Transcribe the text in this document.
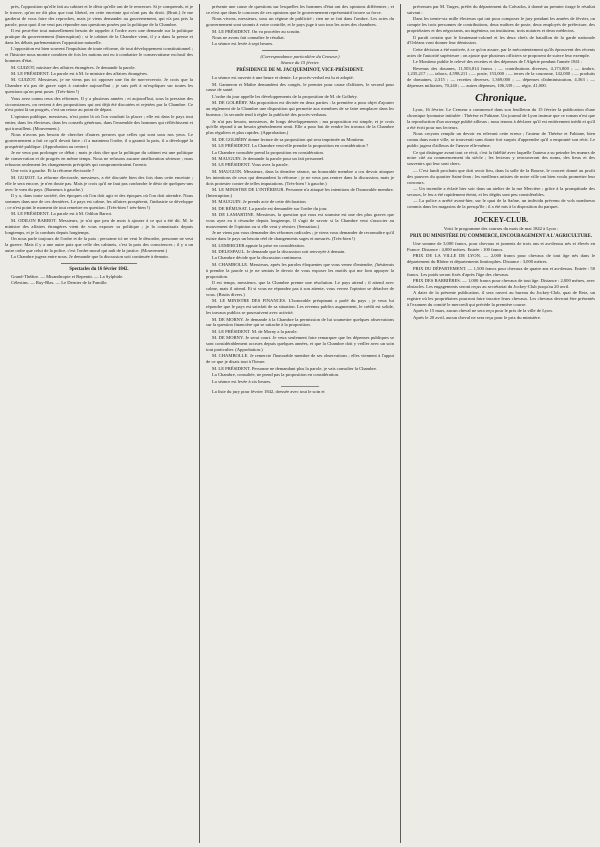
près, l'opposition qu'elle fait au cabinet et le désir qu'elle ont de le renverser. Si je comprends, et je le trouve, qu'on ne dit plus que tout libéral, en cette enceinte qui n'ont pas du droit. (Bruit.) Je me garderai de vous faire des reproches, mais je viens demander au gouvernement, qui n'a pas pris la parole, pour quoi il ne veut pas répondre aux questions posées par la politique de la Chambre.

Il est peut-être tout naturellement besoin de rappeler à l'ordre avec une demande sur la politique pratique du gouvernement (Interruption) ; si le cabinet de la Chambre vient, il y a dans la presse et dans les débats parlementaires l'opposition naturelle.

L'opposition est bien souvent l'impulsion de toute réforme, de tout développement constitutionnel ; et l'histoire nous montre combien de fois les nations ont eu à combattre le conservatisme exclusif des hommes d'état.

M. GUIZOT, ministre des affaires étrangères. Je demande la parole.

M. LE PRÉSIDENT. La parole est à M. le ministre des affaires étrangères.

M. GUIZOT. Messieurs, je ne viens pas ici opposer une fin de non-recevoir. Je crois que la Chambre n'a pas de grave sujet à craindre aujourd'hui ; je suis prêt à m'expliquer sur toutes les questions qu'on peut poser. (Très-bien !)

Vous avez connu ceux des réformes. Il y a plusieurs années ; et aujourd'hui, sous la pression des circonstances, on revient à des propositions qui ont déjà été discutées et rejetées par la Chambre. Ce n'est point là un progrès, c'est un retour au point de départ.

L'opinion publique, messieurs, n'est point là où l'on voudrait la placer ; elle est dans le pays tout entier, dans les électeurs, dans les conseils généraux, dans l'ensemble des hommes qui réfléchissent et qui travaillent. (Mouvement.)

Nous n'avons pas besoin de chercher d'autres preuves que celles qui sont sous nos yeux. Le gouvernement a fait ce qu'il devait faire ; il a maintenu l'ordre, il a garanti la paix, il a développé la prospérité publique. (Approbation au centre.)

Je ne veux pas prolonger ce débat ; mais je dois dire que la politique du cabinet est une politique de conservation et de progrès en même temps. Nous ne refusons aucune amélioration sérieuse ; nous refusons seulement les changements précipités qui compromettraient l'avenir.

Une voix à gauche. Et la réforme électorale ?

M. GUIZOT. La réforme électorale, messieurs, a été discutée bien des fois dans cette enceinte ; elle le sera encore, je n'en doute pas. Mais je crois qu'il ne faut pas confondre le désir de quelques-uns avec le vœu du pays. (Rumeurs à gauche.)

Il y a, dans toute société, des époques où l'on doit agir et des époques où l'on doit attendre. Nous sommes dans une de ces dernières. Le pays est calme, les affaires prospèrent, l'industrie se développe ; ce n'est point le moment de tout remettre en question. (Très-bien ! très-bien !)

M. LE PRÉSIDENT. La parole est à M. Odilon Barrot.

M. ODILON BARROT. Messieurs, je n'ai que peu de mots à ajouter à ce qui a été dit. M. le ministre des affaires étrangères vient de vous exposer sa politique ; je la connaissais depuis longtemps, et je la combats depuis longtemps.

On nous parle toujours de l'ordre et de la paix ; personne ici ne veut le désordre, personne ne veut la guerre. Mais il y a une autre paix que celle des cabinets, c'est la paix des consciences ; il y a un autre ordre que celui de la police, c'est l'ordre moral qui naît de la justice. (Mouvement.)

La Chambre jugera entre nous. Je demande que la discussion soit continuée à demain.

Spectacles du 16 février 1842.

Grand-Théâtre. — Misanthropie et Repentir. — La Sylphide.

Célestins. — Ruy-Blas. — Le Dernier de la Famille.

présente une cause de questions sur lesquelles les hommes d'état ont des opinions différentes ; et ce n'est que dans le concours de ces opinions que le gouvernement représentatif trouve sa force.

Nous vivons, messieurs, sous un régime de publicité ; rien ne se fait dans l'ombre. Les actes du gouvernement sont soumis à votre contrôle, et le pays juge à son tour les actes des chambres.

M. LE PRÉSIDENT. On va procéder au scrutin.

Nous ne avons fait connaître le résultat.

La séance est levée à sept heures.

(Correspondance particulière du Censeur.)
Séance du 15 février.
PRÉSIDENCE DE M. JACQUEMINOT, VICE-PRÉSIDENT.

La séance est ouverte à une heure et demie. Le procès-verbal est lu et adopté.

M. Ganneron et Maître demandent des congés, le premier pour cause d'affaires, le second pour cause de santé.

L'ordre du jour appelle les développements de la proposition de M. de Golbéry.

M. DE GOLBÉRY. Ma proposition est divisée en deux parties : la première a pour objet d'ajouter au règlement de la Chambre une disposition qui permette aux membres de se faire remplacer dans les bureaux ; la seconde tend à régler la publicité des procès-verbaux.

Je n'ai pas besoin, messieurs, de longs développements ; ma proposition est simple, et je crois qu'elle répond à un besoin généralement senti. Elle a pour but de rendre les travaux de la Chambre plus réguliers et plus rapides. (Approbation.)

M. DE GOLBÉRY donne lecture de sa proposition qui sera imprimée au Moniteur.

M. LE PRÉSIDENT. La Chambre veut-elle prendre la proposition en considération ?

La Chambre consultée prend la proposition en considération.

M. MAUGUIN. Je demande la parole pour un fait personnel.

M. LE PRÉSIDENT. Vous avez la parole.

M. MAUGUIN. Messieurs, dans la dernière séance, un honorable membre a cru devoir attaquer les intentions de ceux qui demandent la réforme ; je ne veux pas rentrer dans la discussion, mais je dois protester contre de telles imputations. (Très-bien ! à gauche.)

M. LE MINISTRE DE L'INTÉRIEUR. Personne n'a attaqué les intentions de l'honorable membre. (Interruption.)

M. MAUGUIN. Je prends acte de cette déclaration.

M. DE RÉMUSAT. La parole est demandée sur l'ordre du jour.

M. DE LAMARTINE. Messieurs, la question qui vous est soumise est une des plus graves que vous ayez eu à résoudre depuis longtemps. Il s'agit de savoir si la Chambre veut s'associer au mouvement de l'opinion ou si elle veut y résister. (Sensation.)

Je ne viens pas vous demander des réformes radicales ; je viens vous demander de reconnaître qu'il existe dans le pays un besoin réel de changements sages et mesurés. (Très-bien !)

M. LEMERCIER appuie la prise en considération.

M. DELESPAUL. Je demande que la discussion soit renvoyée à demain.

La Chambre décide que la discussion continuera.

M. CHAMBOLLE. Messieurs, après les paroles éloquentes que vous venez d'entendre, j'hésiterais à prendre la parole si je ne sentais le devoir de vous exposer les motifs qui me font appuyer la proposition.

Il est temps, messieurs, que la Chambre prenne une résolution. Le pays attend ; il attend avec calme, mais il attend. Et si vous ne répondez pas à son attente, vous verrez l'opinion se détacher de vous. (Bruits divers.)

M. LE MINISTRE DES FINANCES. L'honorable préopinant a parlé du pays ; je veux lui répondre que le pays est satisfait de sa situation. Les revenus publics augmentent, le crédit est solide, les travaux publics se poursuivent avec activité.

M. DE MORNY. Je demande à la Chambre la permission de lui soumettre quelques observations sur la question financière qui se rattache à la proposition.

M. LE PRÉSIDENT. M. de Morny a la parole.

M. DE MORNY. Je serai court. Je veux seulement faire remarquer que les dépenses publiques se sont considérablement accrues depuis quelques années, et que la Chambre doit y veiller avec un soin tout particulier. (Approbation.)

M. CHAMBOLLE. Je remercie l'honorable membre de ses observations ; elles viennent à l'appui de ce que je disais tout à l'heure.

M. LE PRÉSIDENT. Personne ne demandant plus la parole, je vais consulter la Chambre.

La Chambre, consultée, ne prend pas la proposition en considération.

La séance est levée à six heures.

La liste du jury pour février 1842, dressée avec tout le soin et

prévenues par M. Targes, préfet du département du Calvados, à donné au premier tirage le résultat suivant :

Dans les trente-six mille électeurs qui ont pour composer le jury pendant les années de février, on compte les trois personnes de contributions, deux maîtres de poste, deux employés de préfecture, des propriétaires et des négociants, un ingénieur, un instituteur, trois notaires et deux médecins.

Il paraît certain que le lieutenant-colonel et les deux chefs de bataillon de la garde nationale d'Orléans vont donner leur démission.

Cette décision a été motivée, à ce qu'on assure, par le mécontentement qu'ils éprouvent des récents actes de l'autorité supérieure ; on ajoute que plusieurs officiers se proposent de suivre leur exemple.

Le Moniteur publie le relevé des recettes et des dépenses de l'Algérie pendant l'année 1841 :

Revenus des douanes, 11,503,814 francs ; — contributions diverses, 4,173,800 ; — timbre, 1,235,217 ; — tabacs, 4,598,211 ; — poste, 153,000 ; — terres de la couronne, 142,000 ; — produits de domaines, 2,315 ; — recettes diverses, 1,369,000 ; — dépenses d'administration, 4,363 ; — dépenses militaires, 70,240 ; — autres dépenses, 106,339 ; — régie, 41,000.

Chronique.

Lyon, 16 février. Le Censeur a commencé dans son feuilleton du 15 février la publication d'une chronique lyonnaise intitulée : Thérèse et Fabiane. Un journal de Lyon insinue que ce roman n'est que la reproduction d'un ouvrage publié ailleurs ; nous tenons à déclarer qu'il est entièrement inédit et qu'il a été écrit pour nos lecteurs.

Nous croyons remplir un devoir en relevant cette erreur ; l'auteur de Thérèse et Fabiane, bien connu dans notre ville, se trouverait sans doute fort surpris d'apprendre qu'il a emprunté son récit. Le public jugera d'ailleurs de l'œuvre elle-même.

Ce qui distingue avant tout ce récit, c'est la fidélité avec laquelle l'auteur a su peindre les mœurs de notre cité au commencement du siècle ; les lecteurs y retrouveront des noms, des lieux et des souvenirs qui leur sont chers.

— C'est lundi prochain que doit avoir lieu, dans la salle de la Bourse, le concert donné au profit des pauvres du quartier Saint-Jean ; les meilleurs artistes de notre ville ont bien voulu promettre leur concours.

— Un incendie a éclaté hier soir dans un atelier de la rue Mercière ; grâce à la promptitude des secours, le feu a été rapidement éteint, et les dégâts sont peu considérables.

— La police a arrêté avant-hier, sur le quai de la Saône, un individu prévenu de vols nombreux commis dans les magasins de la presqu'île ; il a été mis à la disposition du parquet.

JOCKEY-CLUB.

Voici le programme des courses du mois de mai 1842 à Lyon :

PRIX DU MINISTÈRE DU COMMERCE, ENCOURAGEMENT A L'AGRICULTURE.

Une somme de 3,000 francs, pour chevaux et juments de trois ans et au-dessus nés et élevés en France. Distance : 4,000 mètres. Entrée : 100 francs.

PRIX DE LA VILLE DE LYON. — 2,000 francs pour chevaux de tout âge nés dans le département du Rhône et départements limitrophes. Distance : 3,000 mètres.

PRIX DU DÉPARTEMENT. — 1,500 francs pour chevaux de quatre ans et au-dessus. Entrée : 50 francs. Les poids seront fixés d'après l'âge des chevaux.

PRIX DES BARRIÈRES. — 1,000 francs pour chevaux de tout âge. Distance : 2,000 mètres, avec obstacles. Les engagements seront reçus au secrétariat du Jockey-Club jusqu'au 20 avril.

A dater de la présente publication, il sera ouvert au bureau du Jockey-Club, quai de Retz, un registre où les propriétaires pourront faire inscrire leurs chevaux. Les chevaux devront être présentés à l'examen du comité le mercredi qui précède la première course.

Après le 15 mars, aucun cheval ne sera reçu pour le prix de la ville de Lyon.

Après le 20 avril, aucun cheval ne sera reçu pour le prix du ministère.
